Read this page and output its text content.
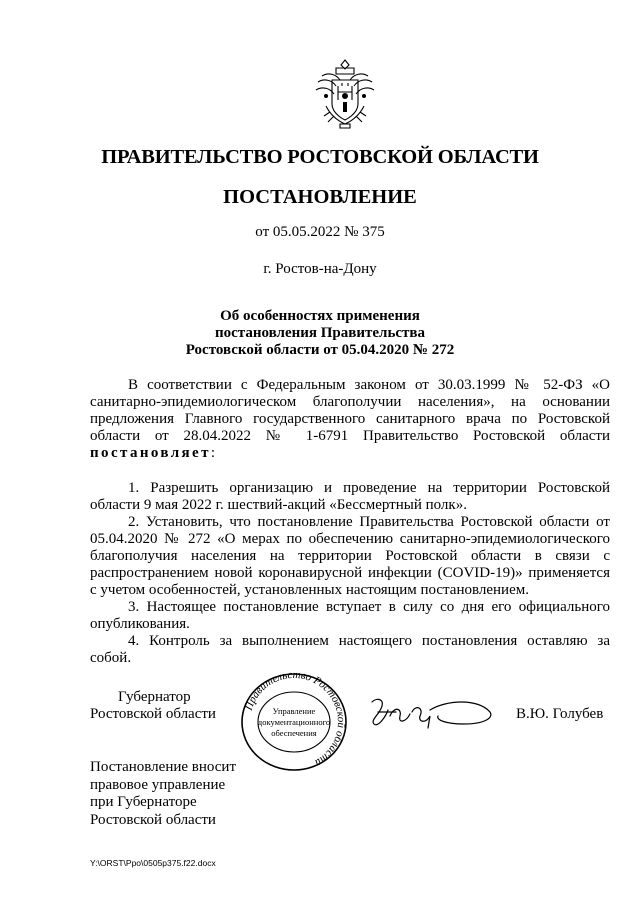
ПРАВИТЕЛЬСТВО РОСТОВСКОЙ ОБЛАСТИ
ПОСТАНОВЛЕНИЕ
от 05.05.2022 № 375
г. Ростов-на-Дону
Об особенностях применения
постановления Правительства
Ростовской области от 05.04.2020 № 272
В соответствии с Федеральным законом от 30.03.1999 № 52-ФЗ «О санитарно-эпидемиологическом благополучии населения», на основании предложения Главного государственного санитарного врача по Ростовской области от 28.04.2022 № 1-6791 Правительство Ростовской области постановляет:
1. Разрешить организацию и проведение на территории Ростовской области 9 мая 2022 г. шествий-акций «Бессмертный полк».
2. Установить, что постановление Правительства Ростовской области от 05.04.2020 № 272 «О мерах по обеспечению санитарно-эпидемиологического благополучия населения на территории Ростовской области в связи с распространением новой коронавирусной инфекции (COVID-19)» применяется с учетом особенностей, установленных настоящим постановлением.
3. Настоящее постановление вступает в силу со дня его официального опубликования.
4. Контроль за выполнением настоящего постановления оставляю за собой.
Губернатор
Ростовской области Правительство Ростовской области
Управление
документационного
обеспечения
В.Ю. Голубев
Постановление вносит
правовое управление
при Губернаторе
Ростовской области
Y:\ORST\Ppo\0505p375.f22.docx
